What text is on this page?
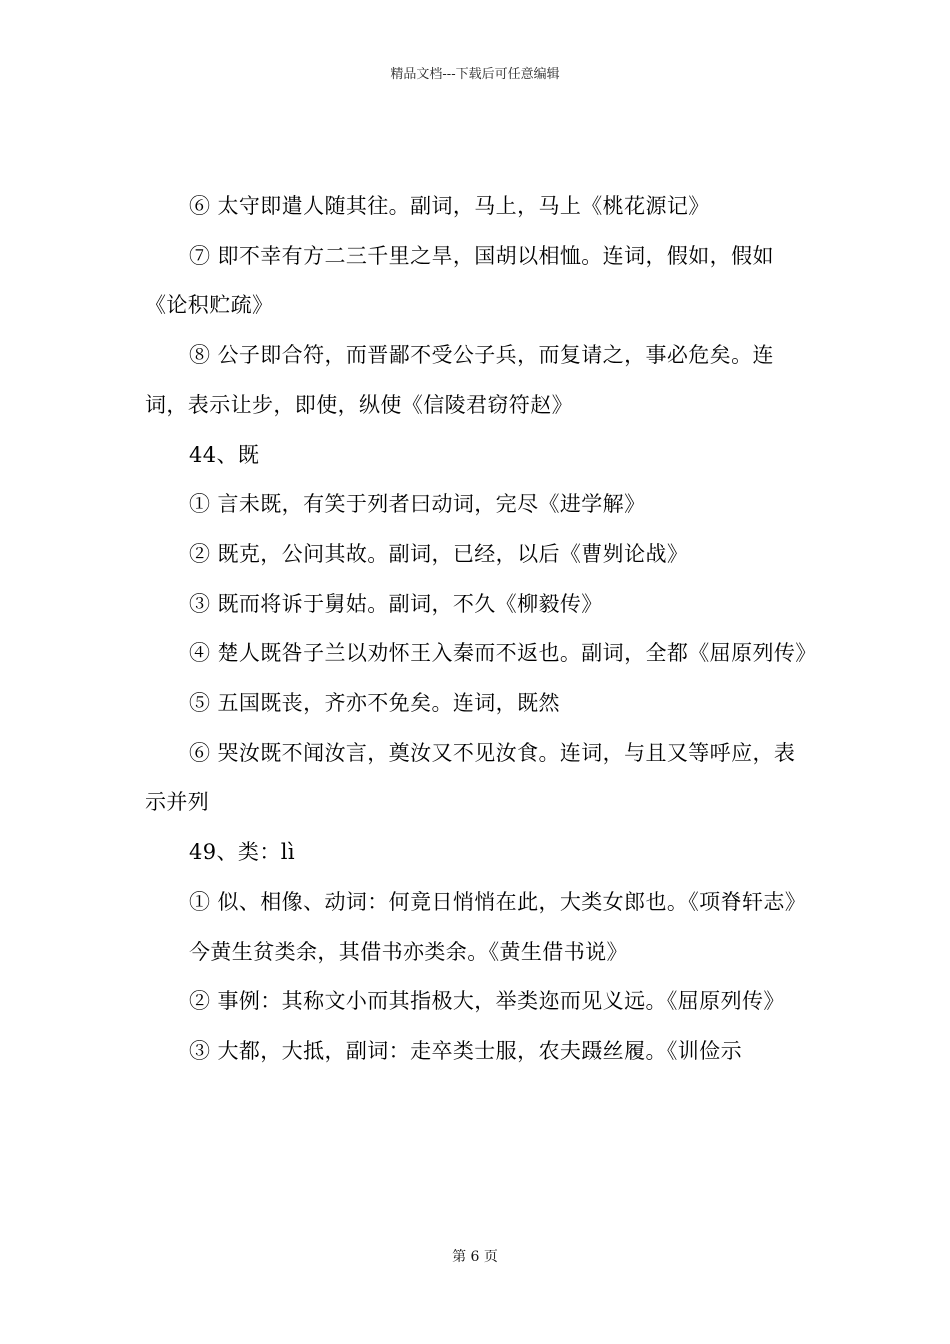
精品文档---下载后可任意编辑

⑥ 太守即遣人随其往。副词，马上，马上《桃花源记》

⑦ 即不幸有方二三千里之旱，国胡以相恤。连词，假如，假如《论积贮疏》

⑧ 公子即合符，而晋鄙不受公子兵，而复请之，事必危矣。连词，表示让步，即使，纵使《信陵君窃符赵》

44、既

① 言未既，有笑于列者曰动词，完尽《进学解》

② 既克，公问其故。副词，已经，以后《曹刿论战》

③ 既而将诉于舅姑。副词，不久《柳毅传》

④ 楚人既咎子兰以劝怀王入秦而不返也。副词，全都《屈原列传》

⑤ 五国既丧，齐亦不免矣。连词，既然

⑥ 哭汝既不闻汝言，奠汝又不见汝食。连词，与且又等呼应，表示并列

49、类：lì

① 似、相像、动词：何竟日悄悄在此，大类女郎也。《项脊轩志》

今黄生贫类余，其借书亦类余。《黄生借书说》

② 事例：其称文小而其指极大，举类迩而见义远。《屈原列传》

③ 大都，大抵，副词：走卒类士服，农夫蹑丝履。《训俭示

第 6 页
